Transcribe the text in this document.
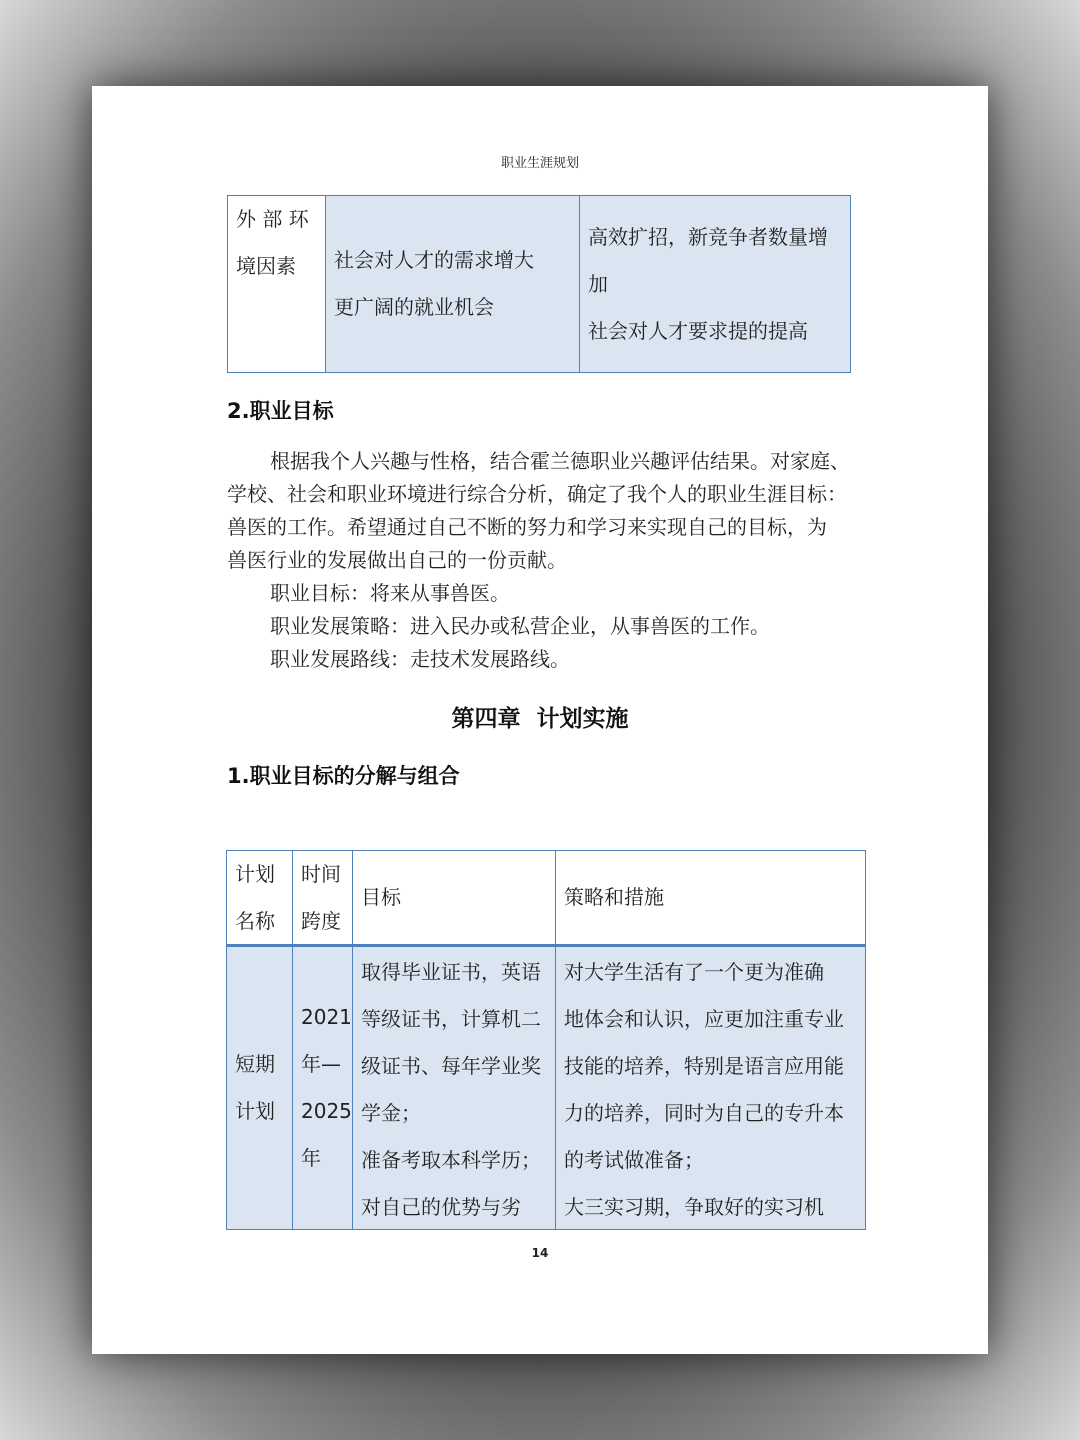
职业生涯规划
外 部 环
境因素	社会对人才的需求增大
更广阔的就业机会
高效扩招，新竞争者数量增
加
社会对人才要求提的提高
2.职业目标
根据我个人兴趣与性格，结合霍兰德职业兴趣评估结果。对家庭、
学校、社会和职业环境进行综合分析，确定了我个人的职业生涯目标：
兽医的工作。希望通过自己不断的努力和学习来实现自己的目标，为
兽医行业的发展做出自己的一份贡献。
职业目标：将来从事兽医。
职业发展策略：进入民办或私营企业，从事兽医的工作。
职业发展路线：走技术发展路线。
第四章  计划实施
1.职业目标的分解与组合
计划
名称
时间
跨度
目标	策略和措施
短期
计划
2021
年—
2025
年
取得毕业证书，英语
等级证书，计算机二
级证书、每年学业奖
学金；
准备考取本科学历；
对自己的优势与劣
对大学生活有了一个更为准确
地体会和认识，应更加注重专业
技能的培养，特别是语言应用能
力的培养，同时为自己的专升本
的考试做准备；
大三实习期，争取好的实习机
14
